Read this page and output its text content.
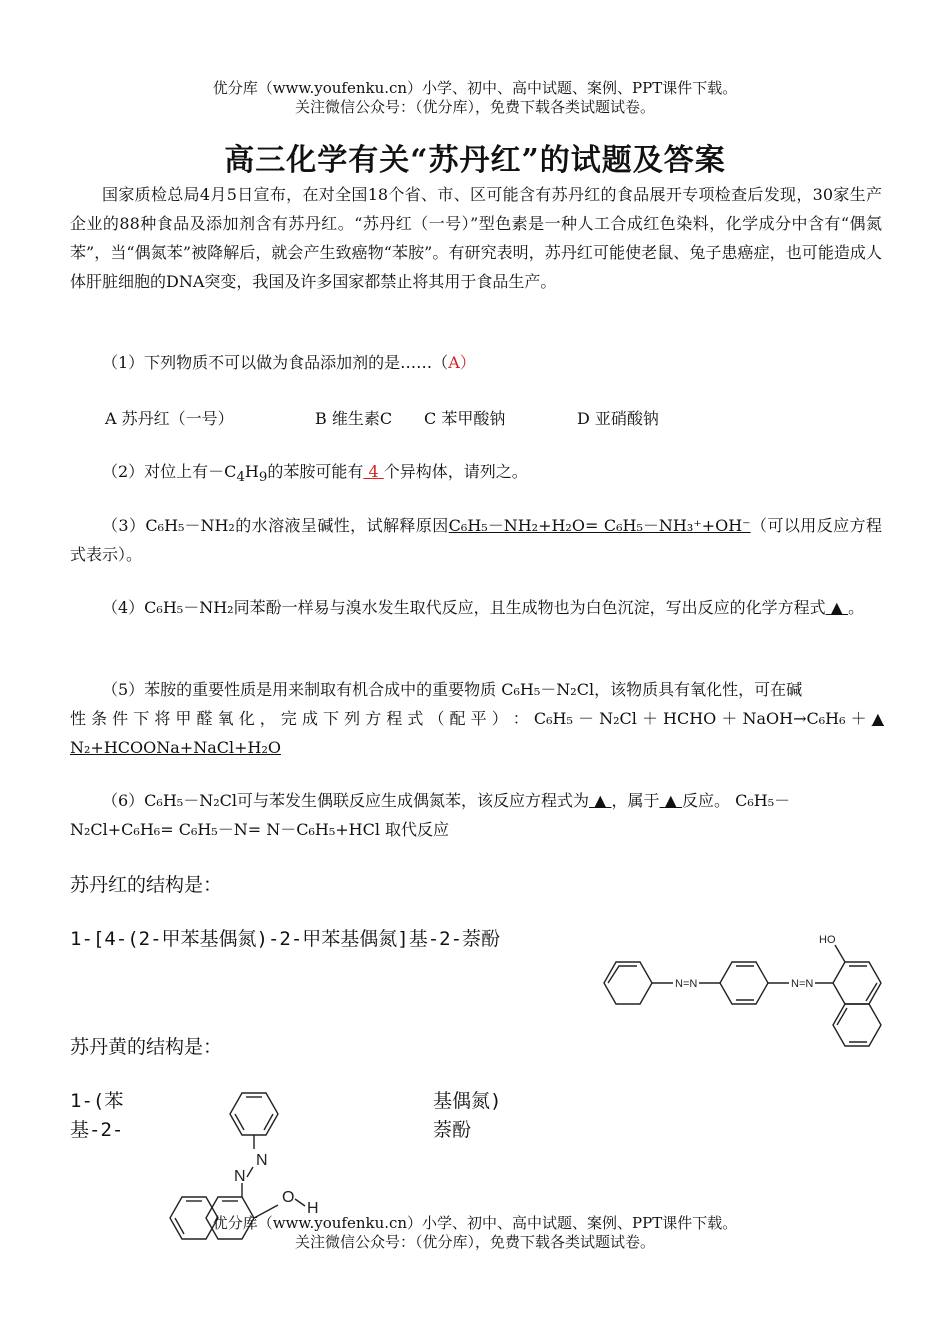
优分库（www.youfenku.cn）小学、初中、高中试题、案例、PPT课件下载。
关注微信公众号：（优分库），免费下载各类试题试卷。
高三化学有关“苏丹红”的试题及答案
国家质检总局4月5日宣布，在对全国18个省、市、区可能含有苏丹红的食品展开专项检查后发现，30家生产企业的88种食品及添加剂含有苏丹红。“苏丹红（一号）”型色素是一种人工合成红色染料，化学成分中含有“偶氮苯”，当“偶氮苯”被降解后，就会产生致癌物“苯胺”。有研究表明，苏丹红可能使老鼠、兔子患癌症，也可能造成人体肝脏细胞的DNA突变，我国及许多国家都禁止将其用于食品生产。
（1）下列物质不可以做为食品添加剂的是……（A）
A 苏丹红（一号）	B 维生素C C 苯甲酸钠	D 亚硝酸钠
（2）对位上有$-C_4H_9$的苯胺可能有 4 个异构体，请列之。
（3）C₆H₅－NH₂的水溶液呈碱性，试解释原因C₆H₅－NH₂+H₂O= C₆H₅－NH₃⁺+OH⁻（可以用反应方程式表示）。
（4）C₆H₅－NH₂同苯酚一样易与溴水发生取代反应，且生成物也为白色沉淀，写出反应的化学方程式 ▲ 。
（5）苯胺的重要性质是用来制取有机合成中的重要物质 C₆H₅－N₂Cl，该物质具有氧化性，可在碱
性 条 件 下 将 甲 醛 氧 化 ， 完 成 下 列 方 程 式 （ 配 平 ） ： C₆H₅ － N₂Cl ＋ HCHO ＋ NaOH→C₆H₆ ＋ ▲
N₂+HCOONa+NaCl+H₂O
（6）C₆H₅－N₂Cl可与苯发生偶联反应生成偶氮苯，该反应方程式为 ▲ ，属于 ▲ 反应。 C₆H₅－
N₂Cl+C₆H₆= C₆H₅－N= N－C₆H₅+HCl 取代反应
苏丹红的结构是：
1-[4-(2-甲苯基偶氮)-2-甲苯基偶氮]基-2-萘酚
N=N	N=N
HO
苏丹黄的结构是：
1-(苯
基-2-
基偶氮)
萘酚
N
N
O
H
优分库（www.youfenku.cn）小学、初中、高中试题、案例、PPT课件下载。
关注微信公众号：（优分库），免费下载各类试题试卷。
